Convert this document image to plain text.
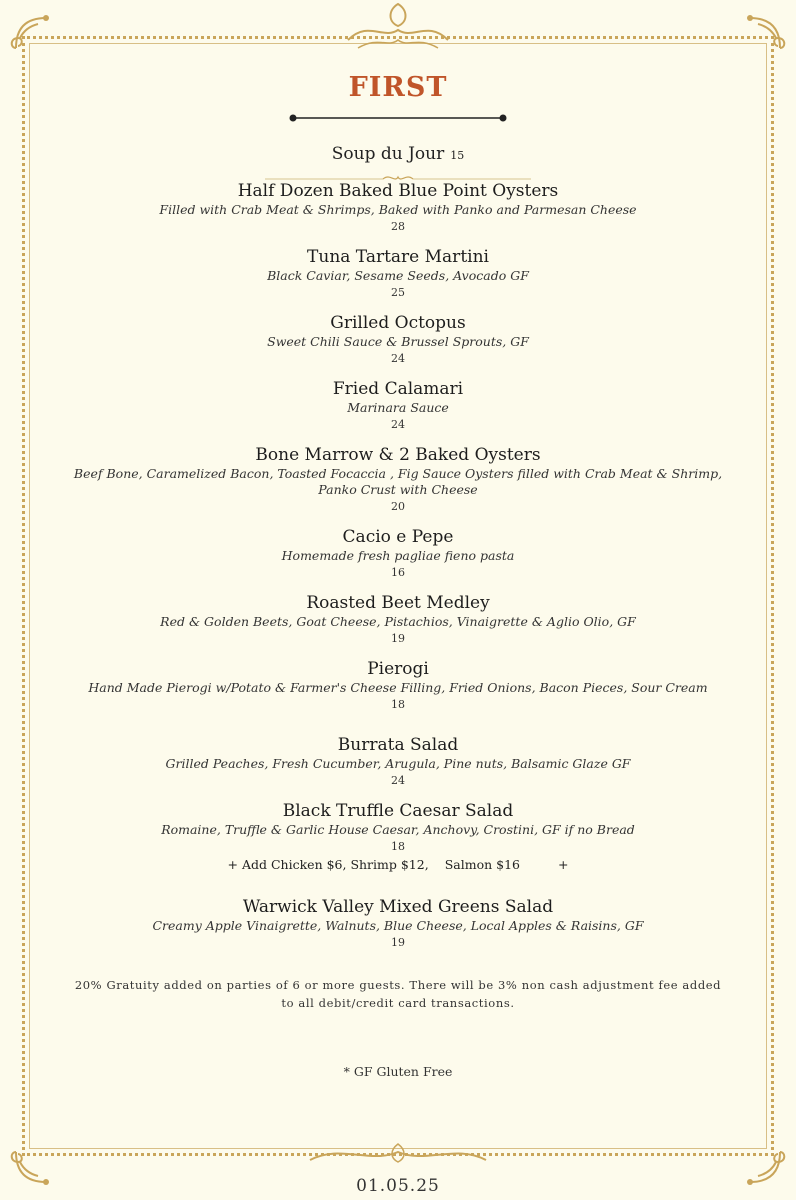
FIRST
Soup du Jour 15
Half Dozen Baked Blue Point Oysters
Filled with Crab Meat & Shrimps, Baked with Panko and Parmesan Cheese
28
Tuna Tartare Martini
Black Caviar, Sesame Seeds, Avocado GF
25
Grilled Octopus
Sweet Chili Sauce & Brussel Sprouts, GF
24
Fried Calamari
Marinara Sauce
24
Bone Marrow & 2 Baked Oysters
Beef Bone, Caramelized Bacon, Toasted Focaccia , Fig Sauce Oysters filled with Crab Meat & Shrimp,
Panko Crust with Cheese
20
Cacio e Pepe
Homemade fresh pagliae fieno pasta
16
Roasted Beet Medley
Red & Golden Beets, Goat Cheese, Pistachios, Vinaigrette & Aglio Olio, GF
19
Pierogi
Hand Made Pierogi w/Potato & Farmer's Cheese Filling, Fried Onions, Bacon Pieces, Sour Cream
18
Burrata Salad
Grilled Peaches, Fresh Cucumber, Arugula, Pine nuts, Balsamic Glaze GF
24
Black Truffle Caesar Salad
Romaine, Truffle & Garlic House Caesar, Anchovy, Crostini, GF if no Bread
18
+ Add Chicken $6, Shrimp $12, Salmon $16	+
Warwick Valley Mixed Greens Salad
Creamy Apple Vinaigrette, Walnuts, Blue Cheese, Local Apples & Raisins, GF
19
20% Gratuity added on parties of 6 or more guests. There will be 3% non cash adjustment fee added to all debit/credit card transactions.
* GF Gluten Free
01.05.25
